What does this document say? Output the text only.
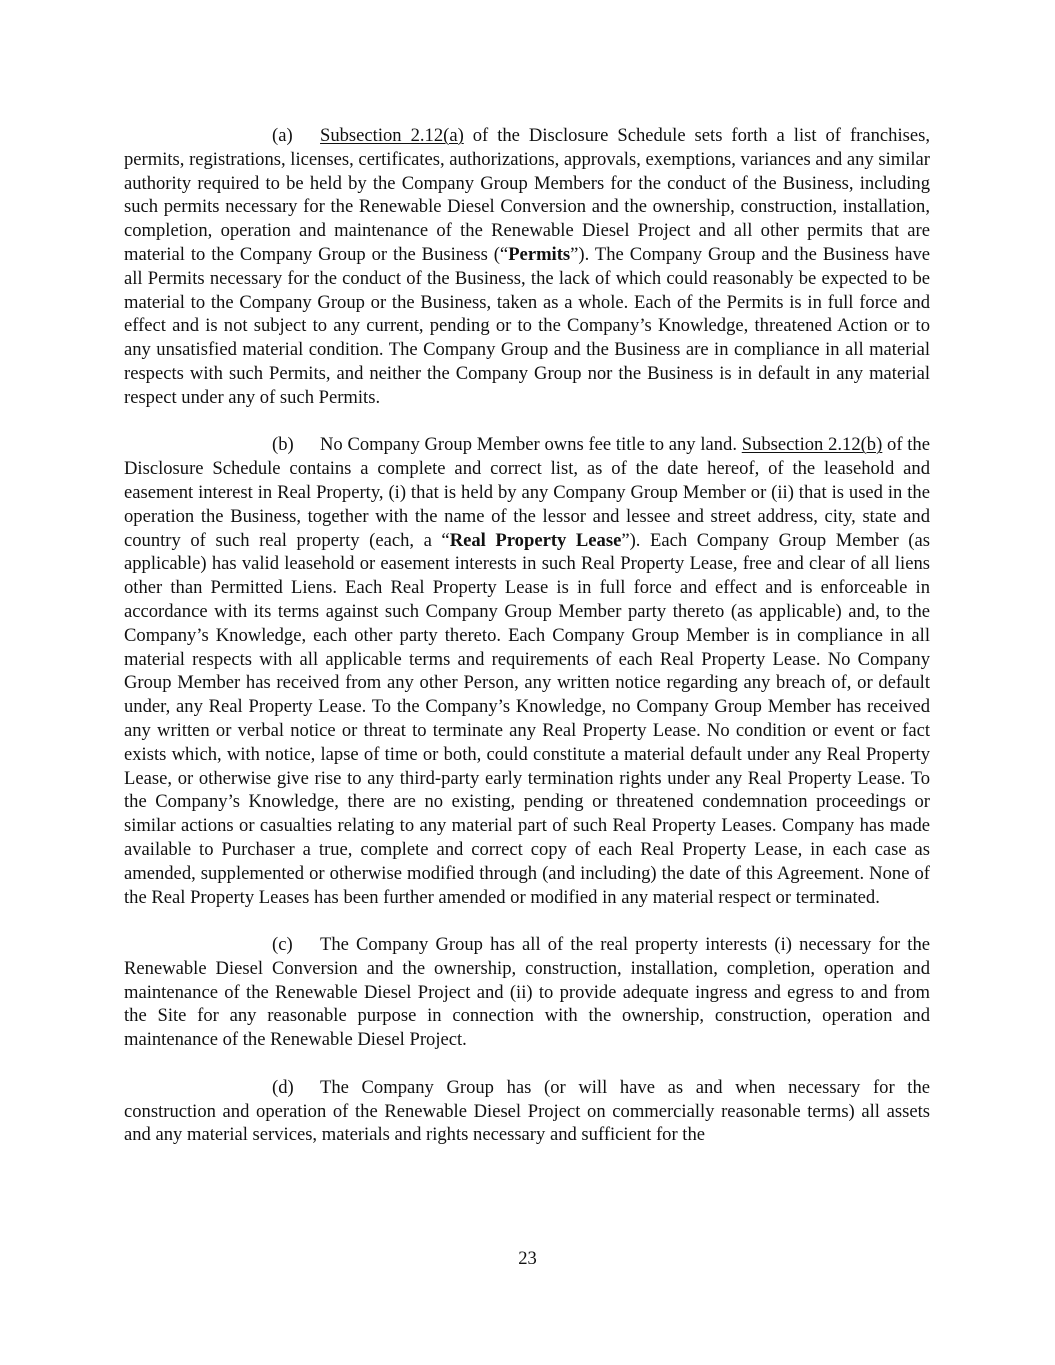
(a) Subsection 2.12(a) of the Disclosure Schedule sets forth a list of franchises, permits, registrations, licenses, certificates, authorizations, approvals, exemptions, variances and any similar authority required to be held by the Company Group Members for the conduct of the Business, including such permits necessary for the Renewable Diesel Conversion and the ownership, construction, installation, completion, operation and maintenance of the Renewable Diesel Project and all other permits that are material to the Company Group or the Business (“Permits”). The Company Group and the Business have all Permits necessary for the conduct of the Business, the lack of which could reasonably be expected to be material to the Company Group or the Business, taken as a whole. Each of the Permits is in full force and effect and is not subject to any current, pending or to the Company’s Knowledge, threatened Action or to any unsatisfied material condition. The Company Group and the Business are in compliance in all material respects with such Permits, and neither the Company Group nor the Business is in default in any material respect under any of such Permits.

(b) No Company Group Member owns fee title to any land. Subsection 2.12(b) of the Disclosure Schedule contains a complete and correct list, as of the date hereof, of the leasehold and easement interest in Real Property, (i) that is held by any Company Group Member or (ii) that is used in the operation the Business, together with the name of the lessor and lessee and street address, city, state and country of such real property (each, a “Real Property Lease”). Each Company Group Member (as applicable) has valid leasehold or easement interests in such Real Property Lease, free and clear of all liens other than Permitted Liens. Each Real Property Lease is in full force and effect and is enforceable in accordance with its terms against such Company Group Member party thereto (as applicable) and, to the Company’s Knowledge, each other party thereto. Each Company Group Member is in compliance in all material respects with all applicable terms and requirements of each Real Property Lease. No Company Group Member has received from any other Person, any written notice regarding any breach of, or default under, any Real Property Lease. To the Company’s Knowledge, no Company Group Member has received any written or verbal notice or threat to terminate any Real Property Lease. No condition or event or fact exists which, with notice, lapse of time or both, could constitute a material default under any Real Property Lease, or otherwise give rise to any third-party early termination rights under any Real Property Lease. To the Company’s Knowledge, there are no existing, pending or threatened condemnation proceedings or similar actions or casualties relating to any material part of such Real Property Leases. Company has made available to Purchaser a true, complete and correct copy of each Real Property Lease, in each case as amended, supplemented or otherwise modified through (and including) the date of this Agreement. None of the Real Property Leases has been further amended or modified in any material respect or terminated.

(c) The Company Group has all of the real property interests (i) necessary for the Renewable Diesel Conversion and the ownership, construction, installation, completion, operation and maintenance of the Renewable Diesel Project and (ii) to provide adequate ingress and egress to and from the Site for any reasonable purpose in connection with the ownership, construction, operation and maintenance of the Renewable Diesel Project.

(d) The Company Group has (or will have as and when necessary for the construction and operation of the Renewable Diesel Project on commercially reasonable terms) all assets and any material services, materials and rights necessary and sufficient for the

23
